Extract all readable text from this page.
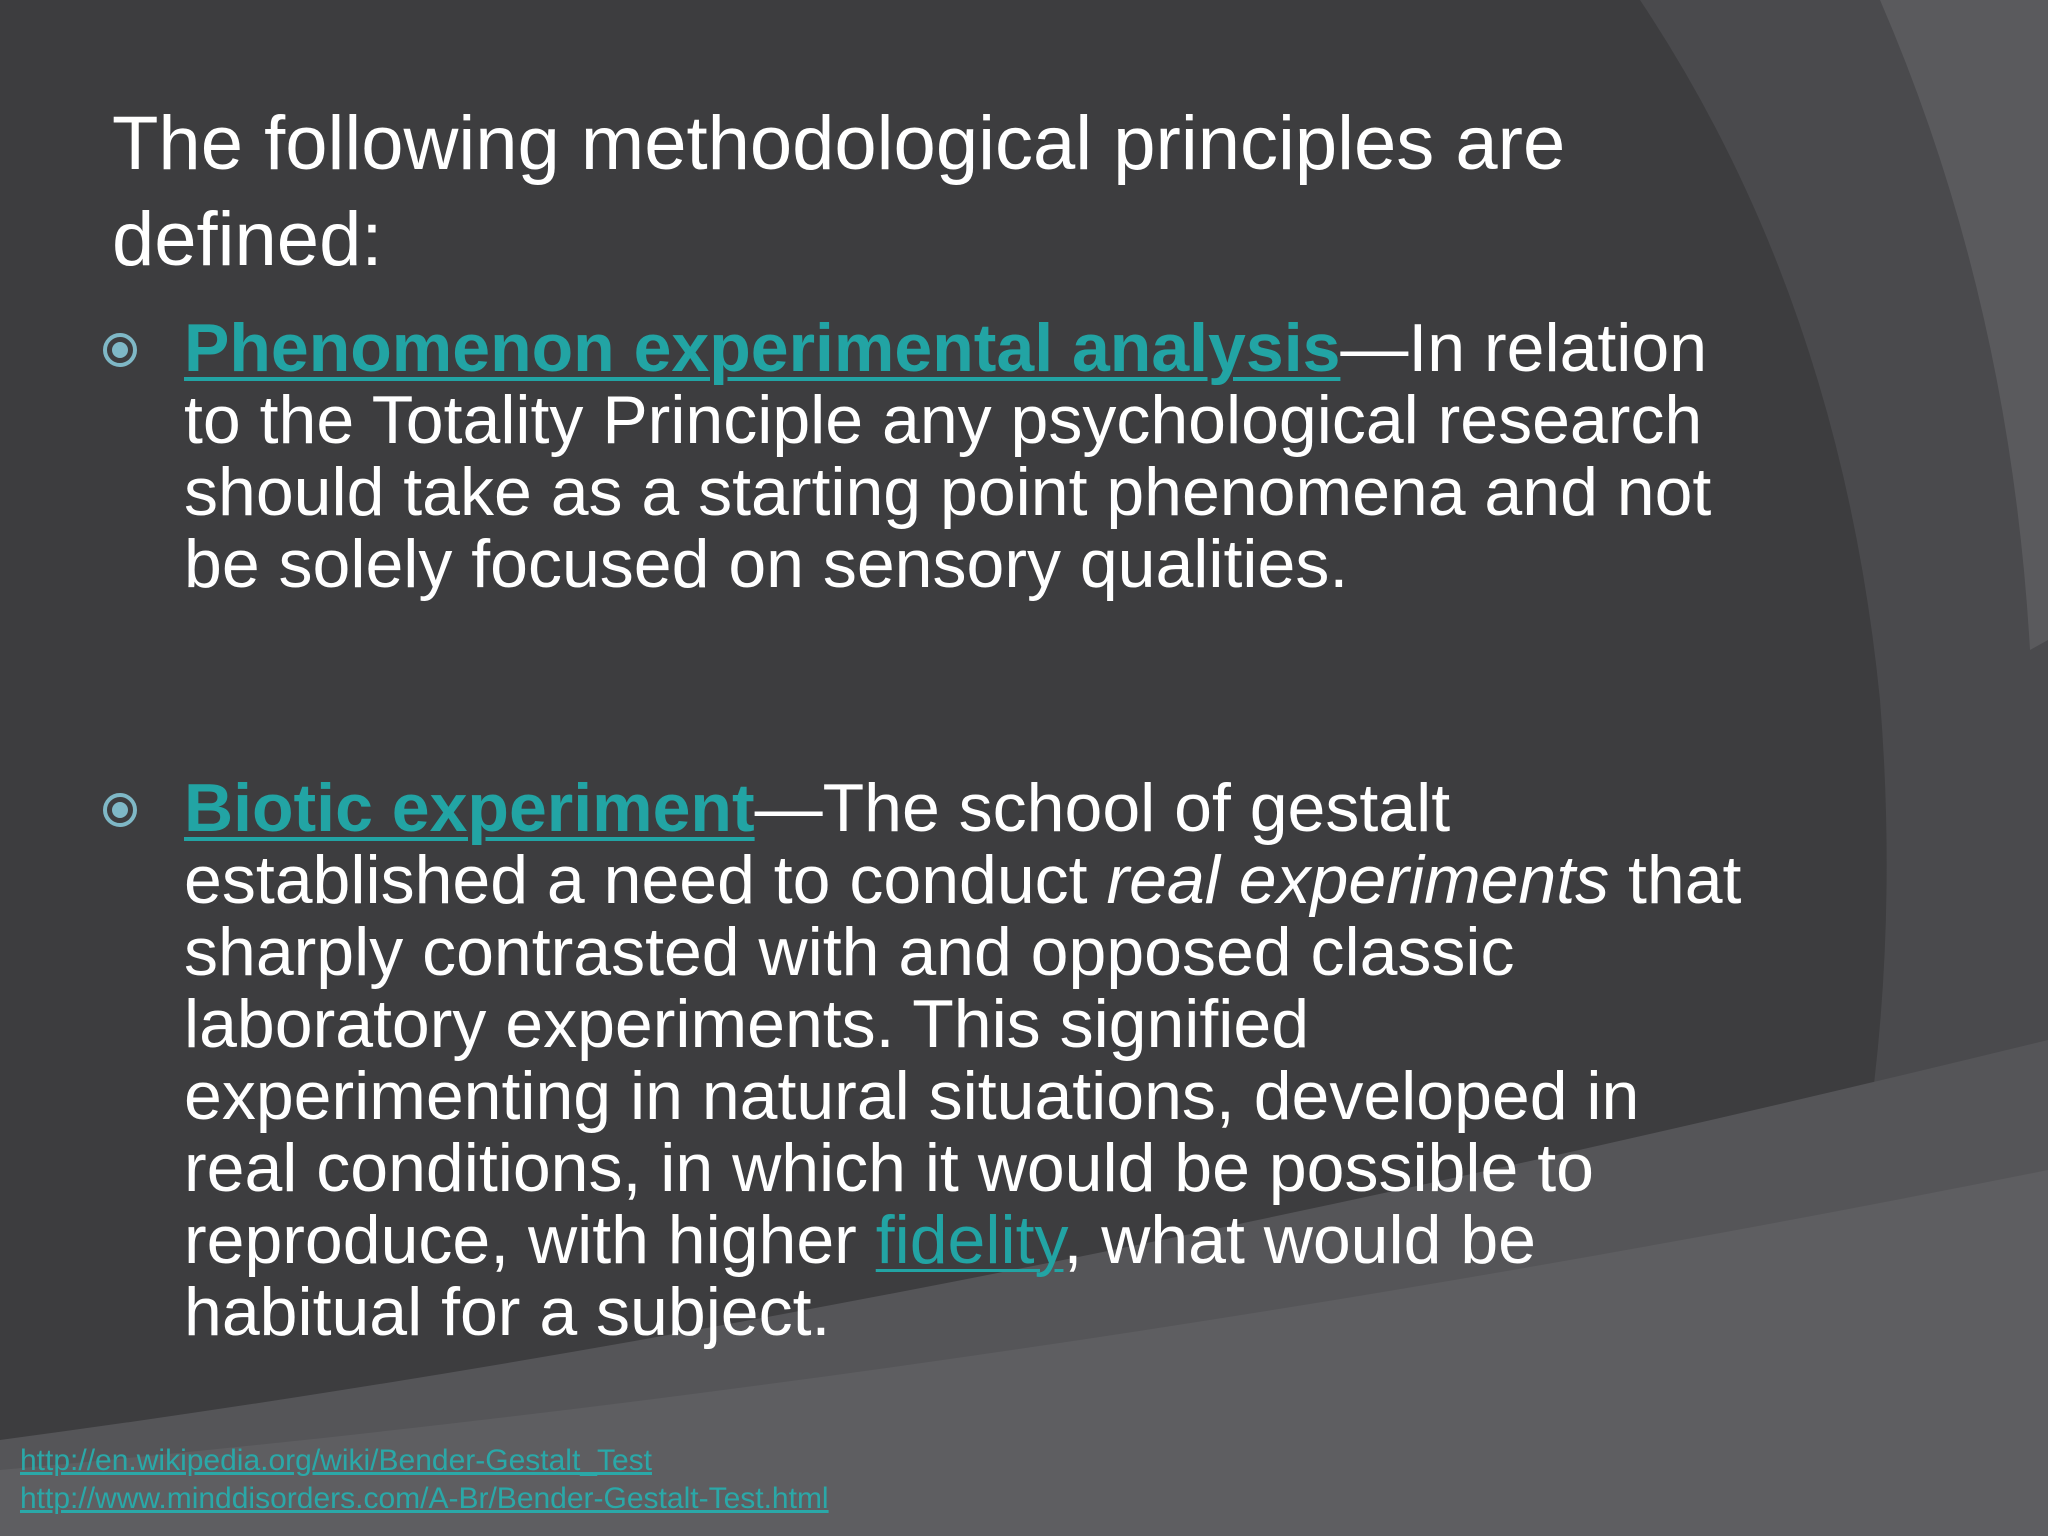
The following methodological principles are defined:
Phenomenon experimental analysis—In relation to the Totality Principle any psychological research should take as a starting point phenomena and not be solely focused on sensory qualities.
Biotic experiment—The school of gestalt established a need to conduct real experiments that sharply contrasted with and opposed classic laboratory experiments. This signified experimenting in natural situations, developed in real conditions, in which it would be possible to reproduce, with higher fidelity, what would be habitual for a subject.
http://en.wikipedia.org/wiki/Bender-Gestalt_Test
http://www.minddisorders.com/A-Br/Bender-Gestalt-Test.html
